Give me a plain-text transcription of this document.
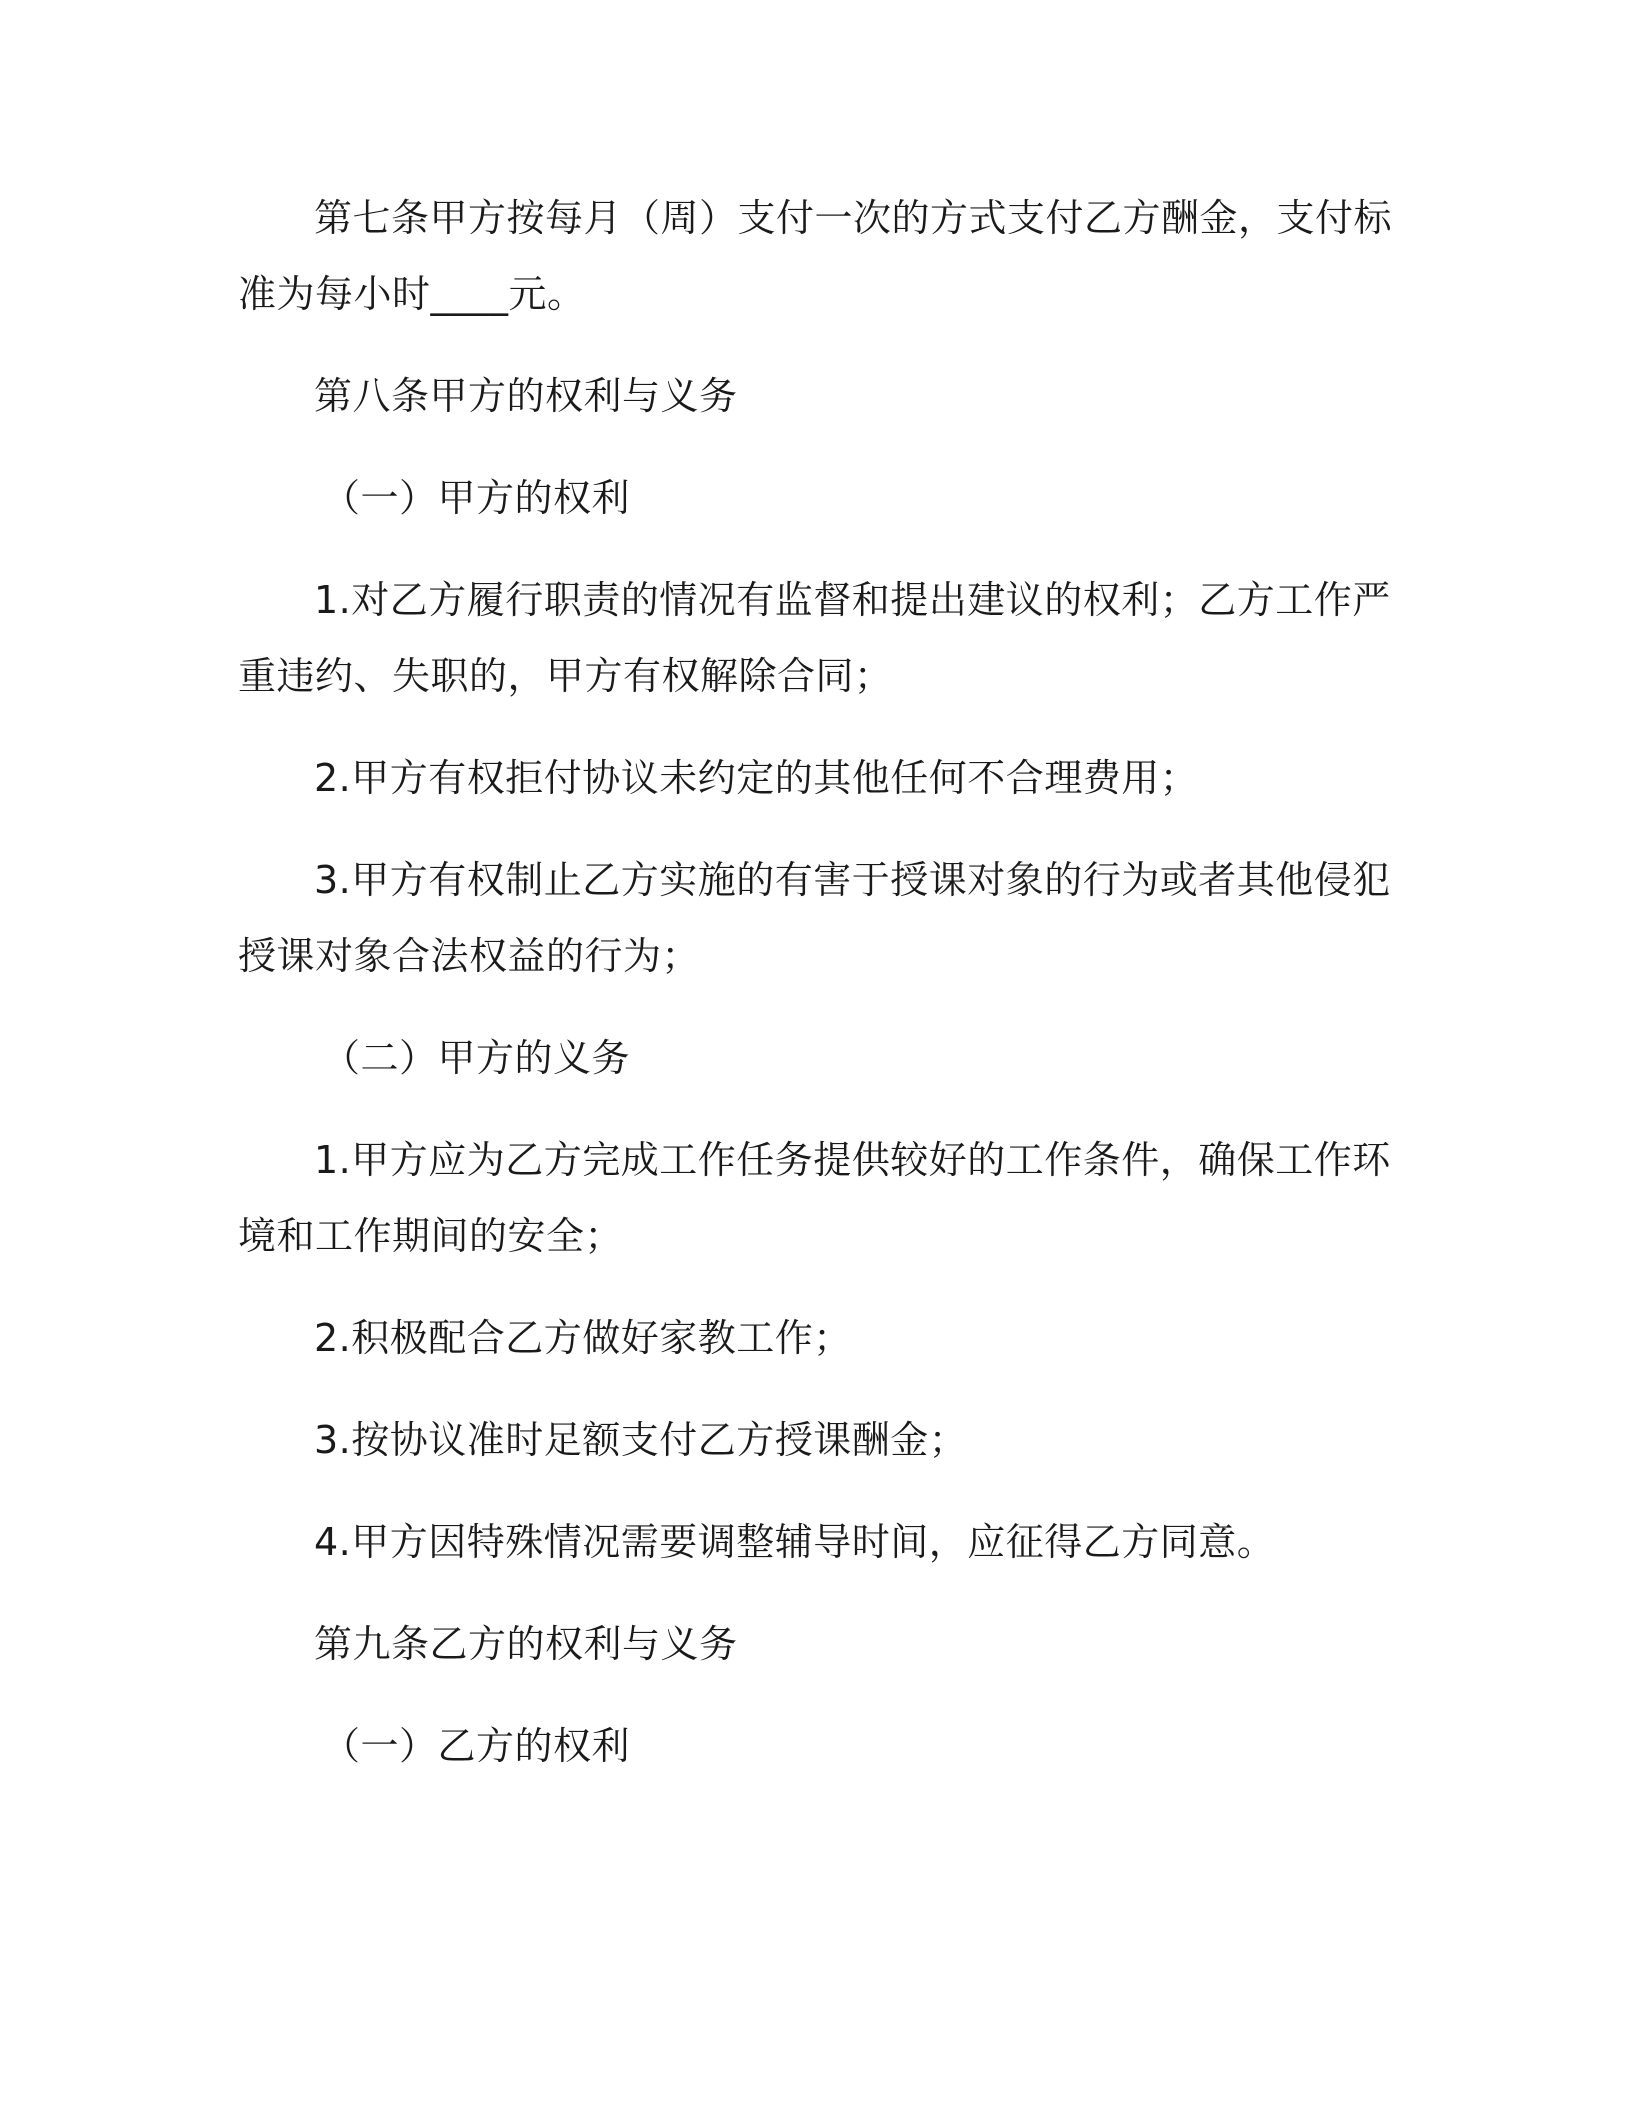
第七条甲方按每月（周）支付一次的方式支付乙方酬金，支付标
准为每小时____元。
第八条甲方的权利与义务
（一）甲方的权利
1.对乙方履行职责的情况有监督和提出建议的权利；乙方工作严
重违约、失职的，甲方有权解除合同；
2.甲方有权拒付协议未约定的其他任何不合理费用；
3.甲方有权制止乙方实施的有害于授课对象的行为或者其他侵犯
授课对象合法权益的行为；
（二）甲方的义务
1.甲方应为乙方完成工作任务提供较好的工作条件，确保工作环
境和工作期间的安全；
2.积极配合乙方做好家教工作；
3.按协议准时足额支付乙方授课酬金；
4.甲方因特殊情况需要调整辅导时间，应征得乙方同意。
第九条乙方的权利与义务
（一）乙方的权利
